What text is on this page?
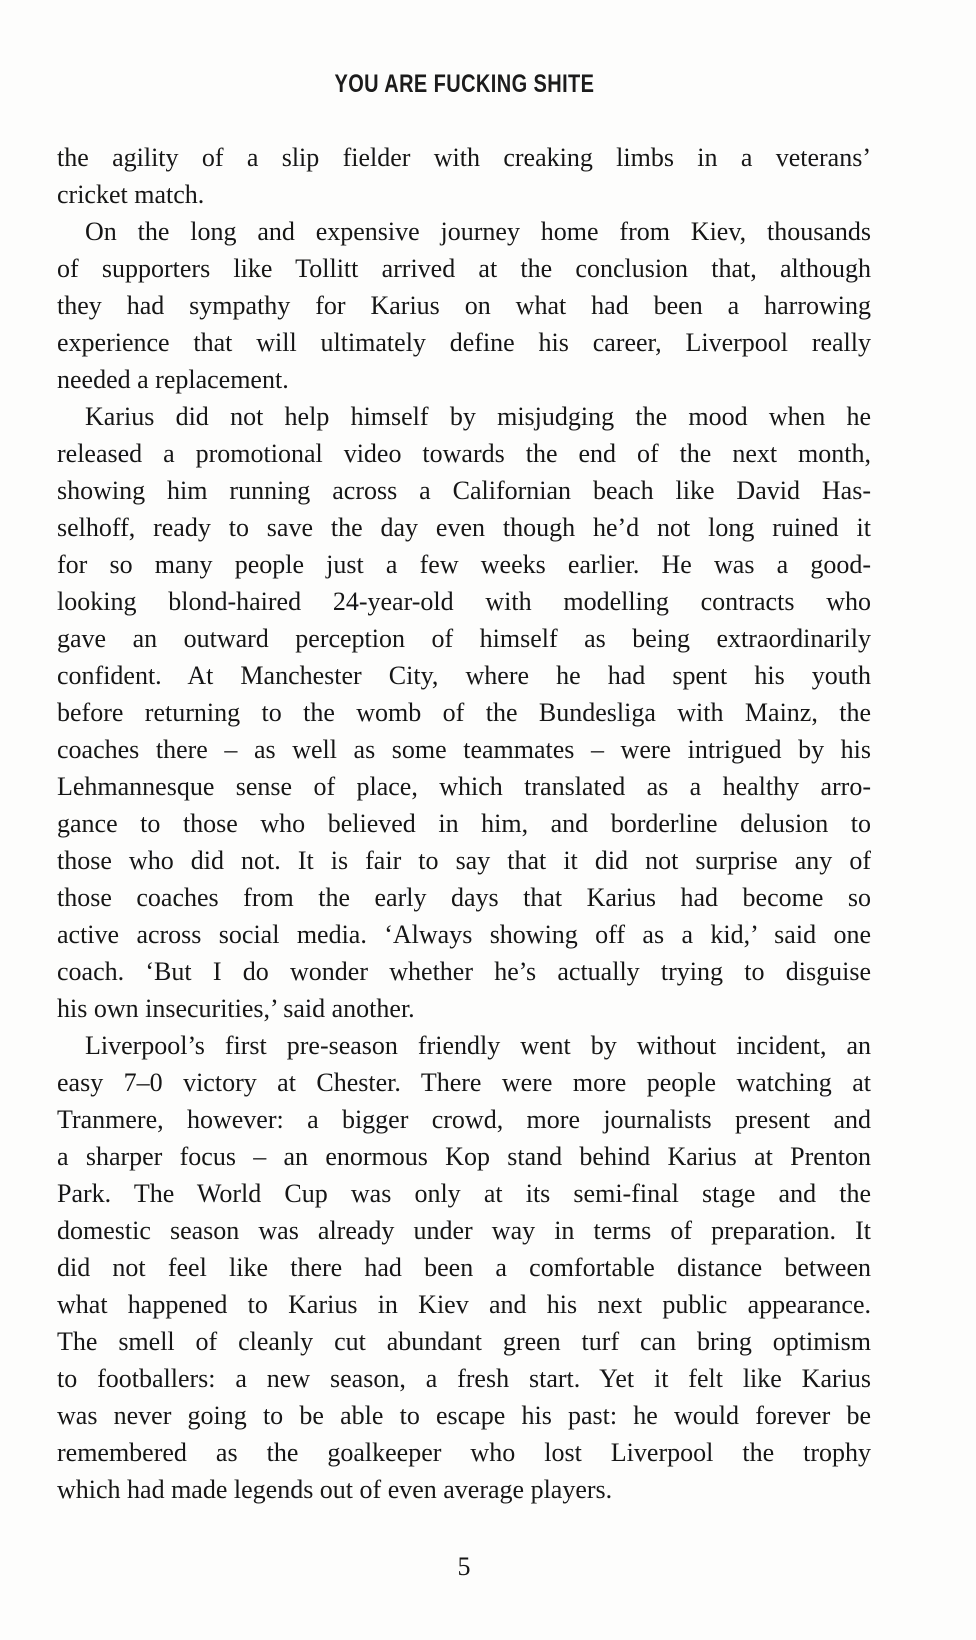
YOU ARE FUCKING SHITE
the agility of a slip fielder with creaking limbs in a veterans’
cricket match.
On the long and expensive journey home from Kiev, thousands
of supporters like Tollitt arrived at the conclusion that, although
they had sympathy for Karius on what had been a harrowing
experience that will ultimately define his career, Liverpool really
needed a replacement.
Karius did not help himself by misjudging the mood when he
released a promotional video towards the end of the next month,
showing him running across a Californian beach like David Has-
selhoff, ready to save the day even though he’d not long ruined it
for so many people just a few weeks earlier. He was a good-
looking blond-haired 24-year-old with modelling contracts who
gave an outward perception of himself as being extraordinarily
confident. At Manchester City, where he had spent his youth
before returning to the womb of the Bundesliga with Mainz, the
coaches there – as well as some teammates – were intrigued by his
Lehmannesque sense of place, which translated as a healthy arro-
gance to those who believed in him, and borderline delusion to
those who did not. It is fair to say that it did not surprise any of
those coaches from the early days that Karius had become so
active across social media. ‘Always showing off as a kid,’ said one
coach. ‘But I do wonder whether he’s actually trying to disguise
his own insecurities,’ said another.
Liverpool’s first pre-season friendly went by without incident, an
easy 7–0 victory at Chester. There were more people watching at
Tranmere, however: a bigger crowd, more journalists present and
a sharper focus – an enormous Kop stand behind Karius at Prenton
Park. The World Cup was only at its semi-final stage and the
domestic season was already under way in terms of preparation. It
did not feel like there had been a comfortable distance between
what happened to Karius in Kiev and his next public appearance.
The smell of cleanly cut abundant green turf can bring optimism
to footballers: a new season, a fresh start. Yet it felt like Karius
was never going to be able to escape his past: he would forever be
remembered as the goalkeeper who lost Liverpool the trophy
which had made legends out of even average players.
5
